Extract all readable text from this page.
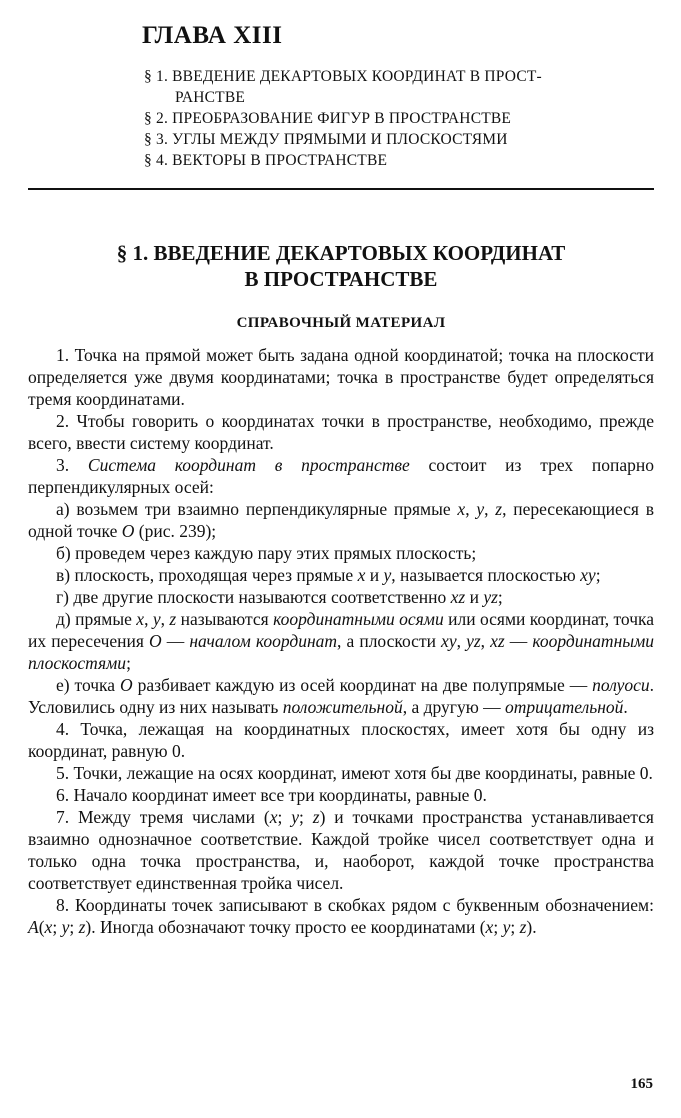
ГЛАВА XIII
§ 1. ВВЕДЕНИЕ ДЕКАРТОВЫХ КООРДИНАТ В ПРОСТ-
РАНСТВЕ
§ 2. ПРЕОБРАЗОВАНИЕ ФИГУР В ПРОСТРАНСТВЕ
§ 3. УГЛЫ МЕЖДУ ПРЯМЫМИ И ПЛОСКОСТЯМИ
§ 4. ВЕКТОРЫ В ПРОСТРАНСТВЕ
§ 1. ВВЕДЕНИЕ ДЕКАРТОВЫХ КООРДИНАТ
В ПРОСТРАНСТВЕ
СПРАВОЧНЫЙ МАТЕРИАЛ
1. Точка на прямой может быть задана одной координатой; точка на плоскости определяется уже двумя координатами; точка в пространстве будет определяться тремя координатами.
2. Чтобы говорить о координатах точки в пространстве, необходимо, прежде всего, ввести систему координат.
3. Система координат в пространстве состоит из трех попарно перпендикулярных осей:
а) возьмем три взаимно перпендикулярные прямые x, y, z, пересекающиеся в одной точке O (рис. 239);
б) проведем через каждую пару этих прямых плоскость;
в) плоскость, проходящая через прямые x и y, называется плоскостью xy;
г) две другие плоскости называются соответственно xz и yz;
д) прямые x, y, z называются координатными осями или осями координат, точка их пересечения O — началом координат, а плоскости xy, yz, xz — координатными плоскостями;
е) точка O разбивает каждую из осей координат на две полупрямые — полуоси. Условились одну из них называть положительной, а другую — отрицательной.
4. Точка, лежащая на координатных плоскостях, имеет хотя бы одну из координат, равную 0.
5. Точки, лежащие на осях координат, имеют хотя бы две координаты, равные 0.
6. Начало координат имеет все три координаты, равные 0.
7. Между тремя числами (x; y; z) и точками пространства устанавливается взаимно однозначное соответствие. Каждой тройке чисел соответствует одна и только одна точка пространства, и, наоборот, каждой точке пространства соответствует единственная тройка чисел.
8. Координаты точек записывают в скобках рядом с буквенным обозначением: A(x; y; z). Иногда обозначают точку просто ее координатами (x; y; z).
165
